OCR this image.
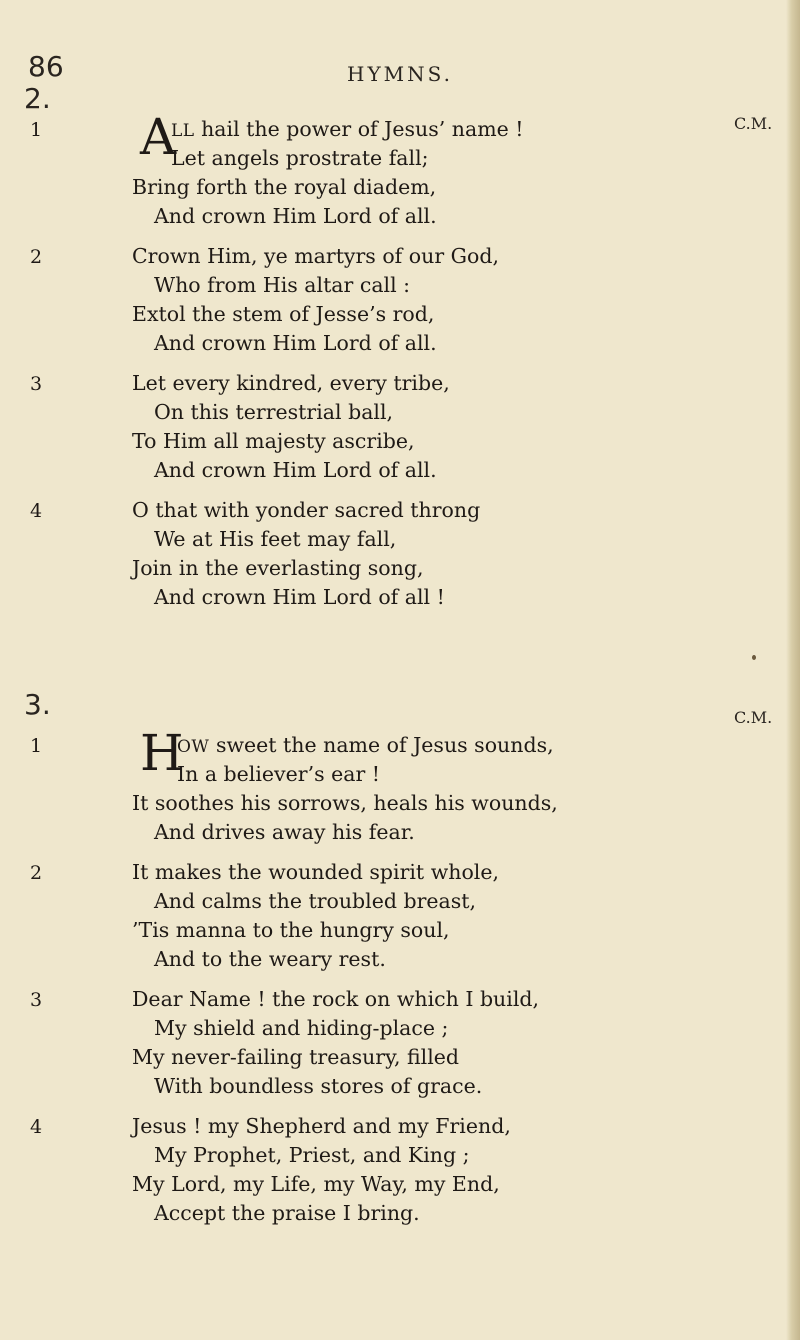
86	HYMNS.
2.
C.M.
1 A
LL hail the power of Jesus’ name !
Let angels prostrate fall;
Bring forth the royal diadem,
And crown Him Lord of all.
2	Crown Him, ye martyrs of our God,
Who from His altar call :
Extol the stem of Jesse’s rod,
And crown Him Lord of all.
3	Let every kindred, every tribe,
On this terrestrial ball,
To Him all majesty ascribe,
And crown Him Lord of all.
4	O that with yonder sacred throng
We at His feet may fall,
Join in the everlasting song,
And crown Him Lord of all !
3.	C.M.
1 H
OW sweet the name of Jesus sounds,
In a believer’s ear !
It soothes his sorrows, heals his wounds,
And drives away his fear.
2	It makes the wounded spirit whole,
And calms the troubled breast,
’Tis manna to the hungry soul,
And to the weary rest.
3	Dear Name ! the rock on which I build,
My shield and hiding-place ;
My never-failing treasury, filled
With boundless stores of grace.
4	Jesus ! my Shepherd and my Friend,
My Prophet, Priest, and King ;
My Lord, my Life, my Way, my End,
Accept the praise I bring.
